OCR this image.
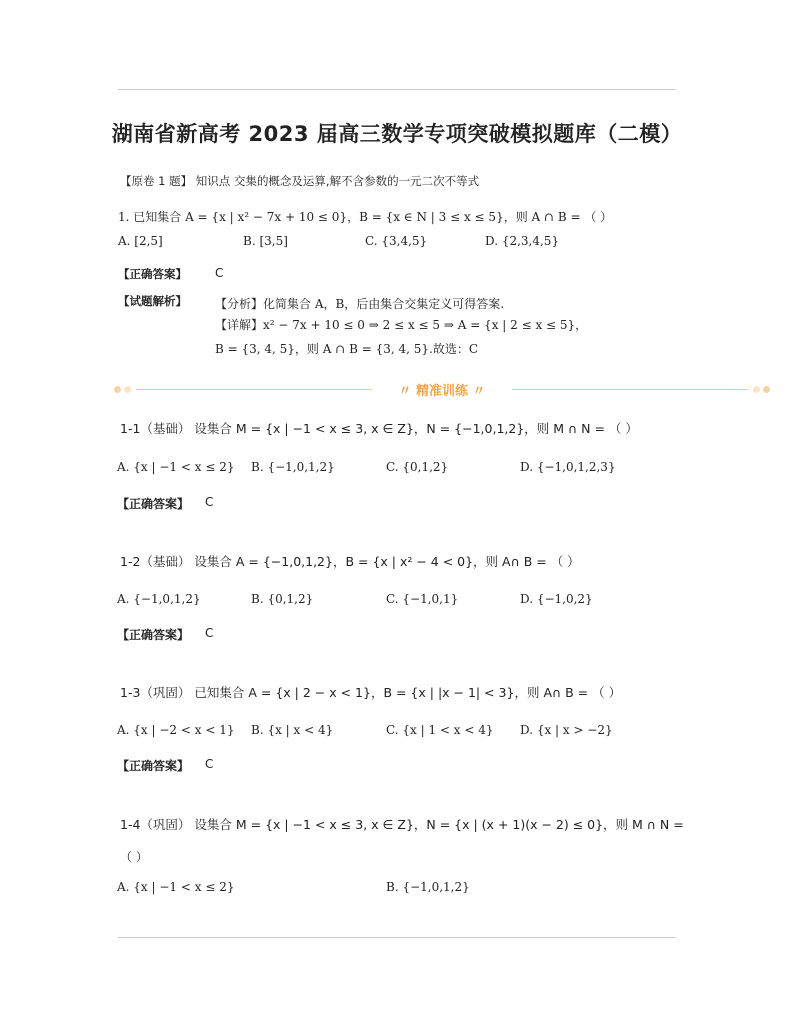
湖南省新高考 2023 届高三数学专项突破模拟题库（二模）
【原卷 1 题】 知识点 交集的概念及运算,解不含参数的一元二次不等式
1. 已知集合 A = {x | x² − 7x + 10 ≤ 0}，B = {x ∈ N | 3 ≤ x ≤ 5}，则 A ∩ B = （ ）
A. [2,5]	B. [3,5]	C. {3,4,5}	D. {2,3,4,5}
【正确答案】 C
【试题解析】 【分析】化简集合 A，B，后由集合交集定义可得答案.
【详解】x² − 7x + 10 ≤ 0 ⇒ 2 ≤ x ≤ 5 ⇒ A = {x | 2 ≤ x ≤ 5}，
B = {3, 4, 5}，则 A ∩ B = {3, 4, 5}.故选：C
〃 精准训练 〃
1-1（基础） 设集合 M = {x | −1 < x ≤ 3, x ∈ Z}，N = {−1,0,1,2}，则 M ∩ N = （ ）
A. {x | −1 < x ≤ 2} B. {−1,0,1,2}	C. {0,1,2}	D. {−1,0,1,2,3}
【正确答案】 C
1-2（基础） 设集合 A = {−1,0,1,2}，B = {x | x² − 4 < 0}，则 A∩ B = （ ）
A. {−1,0,1,2}	B. {0,1,2}	C. {−1,0,1}	D. {−1,0,2}
【正确答案】 C
1-3（巩固） 已知集合 A = {x | 2 − x < 1}，B = {x | |x − 1| < 3}，则 A∩ B = （ ）
A. {x | −2 < x < 1} B. {x | x < 4}	C. {x | 1 < x < 4} D. {x | x > −2}
【正确答案】 C
1-4（巩固） 设集合 M = {x | −1 < x ≤ 3, x ∈ Z}，N = {x | (x + 1)(x − 2) ≤ 0}，则 M ∩ N =
（ ）
A. {x | −1 < x ≤ 2}	B. {−1,0,1,2}
